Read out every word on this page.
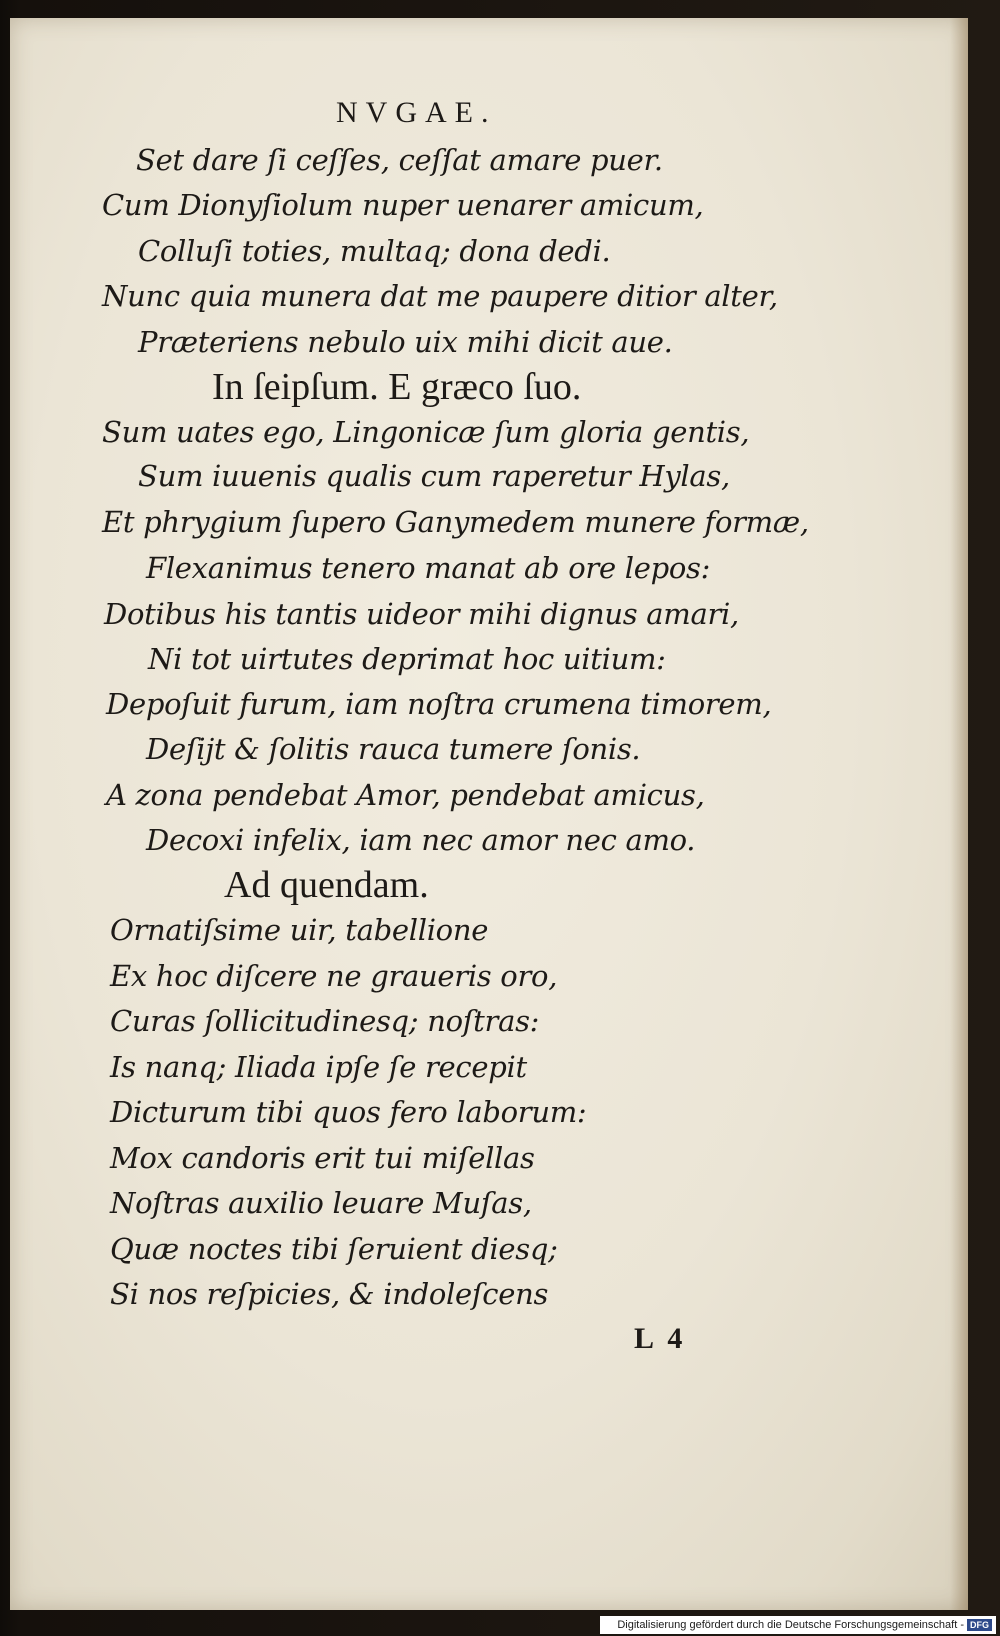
NVGAE.
Set dare ſi ceſſes, ceſſat amare puer.
Cum Dionyſiolum nuper uenarer amicum,
Colluſi toties, multaq; dona dedi.
Nunc quia munera dat me paupere ditior alter,
Præteriens nebulo uix mihi dicit aue.
In ſeipſum. E græco ſuo.
Sum uates ego, Lingonicæ ſum gloria gentis,
Sum iuuenis qualis cum raperetur Hylas,
Et phrygium ſupero Ganymedem munere formæ,
Flexanimus tenero manat ab ore lepos:
Dotibus his tantis uideor mihi dignus amari,
Ni tot uirtutes deprimat hoc uitium:
Depoſuit furum, iam noſtra crumena timorem,
Deſijt & ſolitis rauca tumere ſonis.
A zona pendebat Amor, pendebat amicus,
Decoxi infelix, iam nec amor nec amo.
Ad quendam.
Ornatiſsime uir, tabellione
Ex hoc diſcere ne graueris oro,
Curas ſollicitudinesq; noſtras:
Is nanq; Iliada ipſe ſe recepit
Dicturum tibi quos fero laborum:
Mox candoris erit tui miſellas
Noſtras auxilio leuare Muſas,
Quæ noctes tibi ſeruient diesq;
Si nos reſpicies, & indoleſcens
L  4
Digitalisierung gefördert durch die Deutsche Forschungsgemeinschaft - DFG
